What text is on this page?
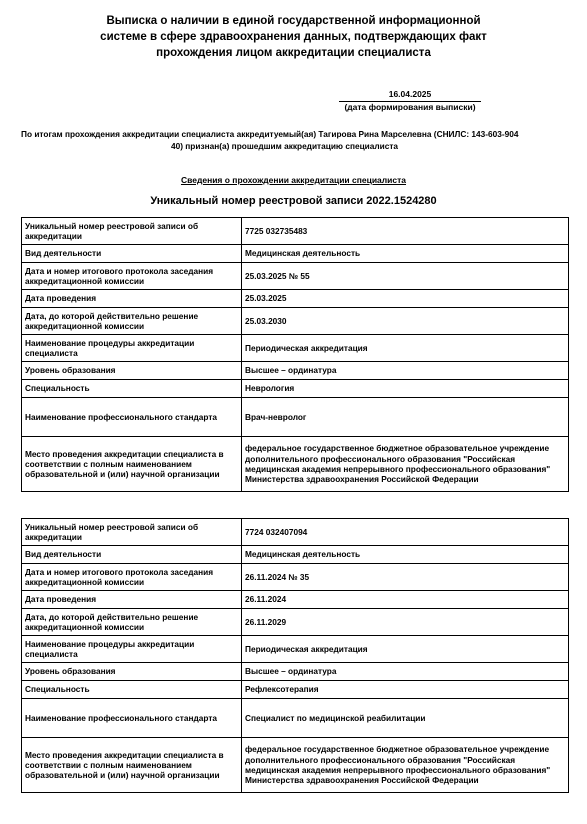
Выписка о наличии в единой государственной информационной
системе в сфере здравоохранения данных, подтверждающих факт
прохождения лицом аккредитации специалиста
16.04.2025
(дата формирования выписки)
По итогам прохождения аккредитации специалиста аккредитуемый(ая) Тагирова Рина Марселевна (СНИЛС: 143-603-904
40) признан(а) прошедшим аккредитацию специалиста
Сведения о прохождении аккредитации специалиста
Уникальный номер реестровой записи 2022.1524280
Уникальный номер реестровой записи об аккредитации	7725 032735483
Вид деятельности	Медицинская деятельность
Дата и номер итогового протокола заседания аккредитационной комиссии	25.03.2025 № 55
Дата проведения	25.03.2025
Дата, до которой действительно решение аккредитационной комиссии	25.03.2030
Наименование процедуры аккредитации специалиста	Периодическая аккредитация
Уровень образования	Высшее – ординатура
Специальность	Неврология
Наименование профессионального стандарта	Врач-невролог
Место проведения аккредитации специалиста в соответствии с полным наименованием образовательной и (или) научной организации	федеральное государственное бюджетное образовательное учреждение дополнительного профессионального образования "Российская медицинская академия непрерывного профессионального образования" Министерства здравоохранения Российской Федерации
Уникальный номер реестровой записи об аккредитации	7724 032407094
Вид деятельности	Медицинская деятельность
Дата и номер итогового протокола заседания аккредитационной комиссии	26.11.2024 № 35
Дата проведения	26.11.2024
Дата, до которой действительно решение аккредитационной комиссии	26.11.2029
Наименование процедуры аккредитации специалиста	Периодическая аккредитация
Уровень образования	Высшее – ординатура
Специальность	Рефлексотерапия
Наименование профессионального стандарта	Специалист по медицинской реабилитации
Место проведения аккредитации специалиста в соответствии с полным наименованием образовательной и (или) научной организации	федеральное государственное бюджетное образовательное учреждение дополнительного профессионального образования "Российская медицинская академия непрерывного профессионального образования" Министерства здравоохранения Российской Федерации
